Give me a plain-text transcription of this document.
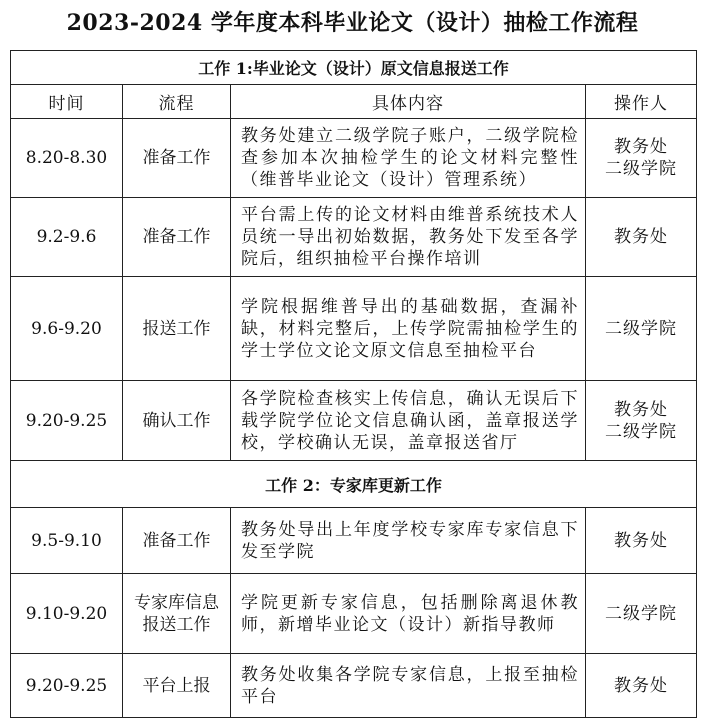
2023-2024 学年度本科毕业论文（设计）抽检工作流程
工作 1:毕业论文（设计）原文信息报送工作			
时间	流程	具体内容	操作人
8.20-8.30	准备工作	教务处建立二级学院子账户，二级学院检查参加本次抽检学生的论文材料完整性（维普毕业论文（设计）管理系统）	教务处
二级学院

9.2-9.6	准备工作	平台需上传的论文材料由维普系统技术人员统一导出初始数据，教务处下发至各学院后，组织抽检平台操作培训	教务处

9.6-9.20	报送工作	学院根据维普导出的基础数据，查漏补缺，材料完整后，上传学院需抽检学生的学士学位文论文原文信息至抽检平台	二级学院

9.20-9.25	确认工作	各学院检查核实上传信息，确认无误后下载学院学位论文信息确认函，盖章报送学校，学校确认无误，盖章报送省厅	教务处
二级学院

工作 2：专家库更新工作			
9.5-9.10	准备工作	教务处导出上年度学校专家库专家信息下发至学院	教务处

9.10-9.20	专家库信息报送工作	学院更新专家信息，包括删除离退休教师，新增毕业论文（设计）新指导教师	二级学院

9.20-9.25	平台上报	教务处收集各学院专家信息，上报至抽检平台	教务处
